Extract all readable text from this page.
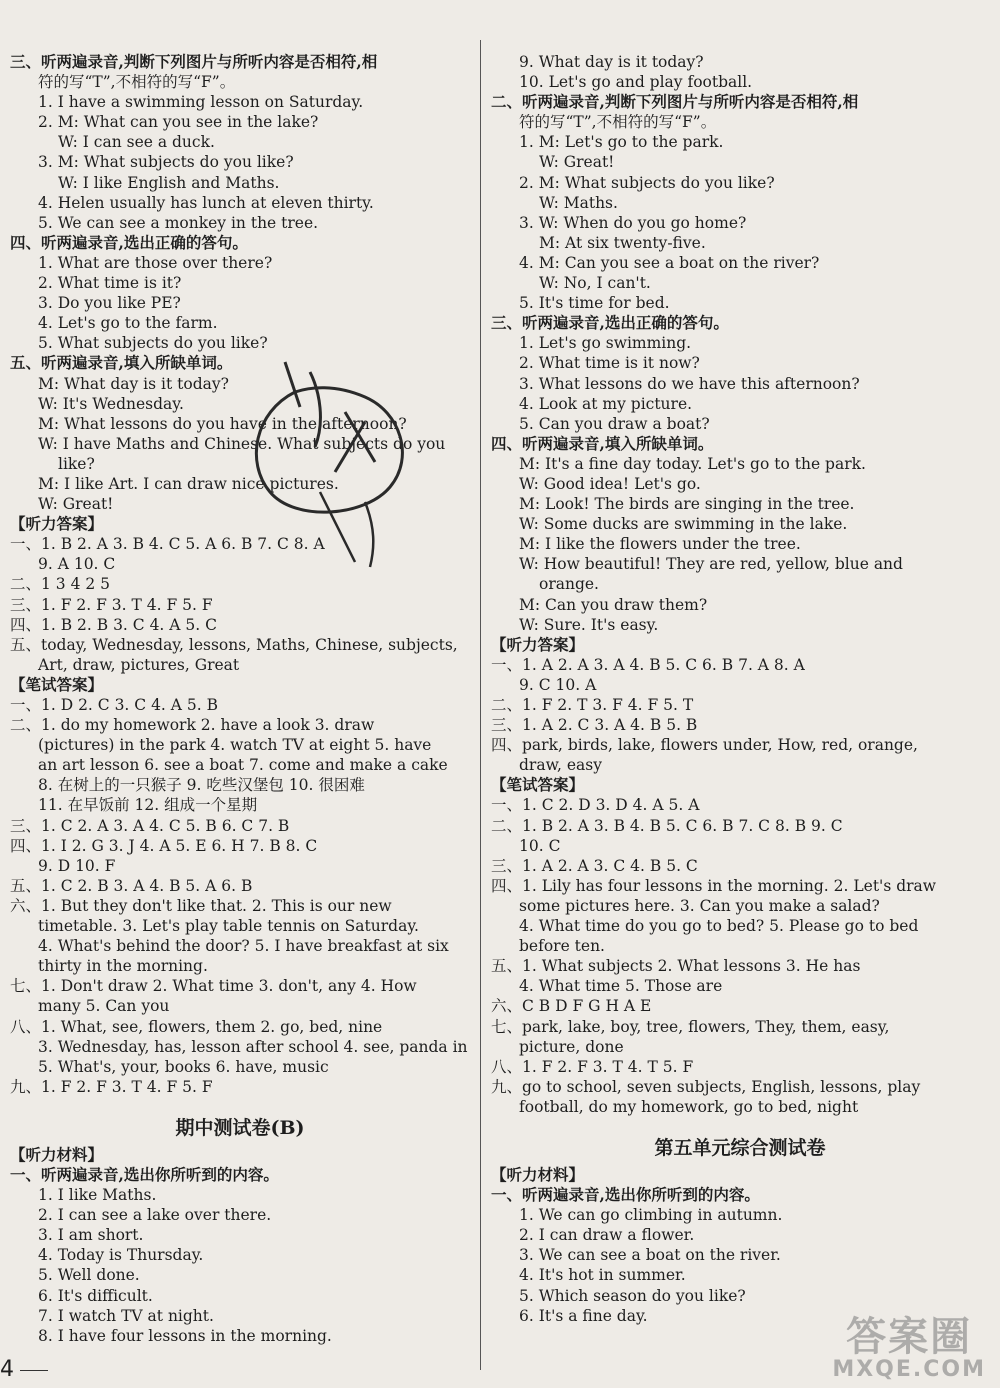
三、听两遍录音,判断下列图片与所听内容是否相符,相
符的写“T”,不相符的写“F”。
1. I have a swimming lesson on Saturday.
2. M: What can you see in the lake?
W: I can see a duck.
3. M: What subjects do you like?
W: I like English and Maths.
4. Helen usually has lunch at eleven thirty.
5. We can see a monkey in the tree.
四、听两遍录音,选出正确的答句。
1. What are those over there?
2. What time is it?
3. Do you like PE?
4. Let's go to the farm.
5. What subjects do you like?
五、听两遍录音,填入所缺单词。
M: What day is it today?
W: It's Wednesday.
M: What lessons do you have in the afternoon?
W: I have Maths and Chinese. What subjects do you
like?
M: I like Art. I can draw nice pictures.
W: Great!
【听力答案】
一、1. B 2. A 3. B 4. C 5. A 6. B 7. C 8. A
9. A 10. C
二、1 3 4 2 5
三、1. F 2. F 3. T 4. F 5. F
四、1. B 2. B 3. C 4. A 5. C
五、today, Wednesday, lessons, Maths, Chinese, subjects,
Art, draw, pictures, Great
【笔试答案】
一、1. D 2. C 3. C 4. A 5. B
二、1. do my homework 2. have a look 3. draw
(pictures) in the park 4. watch TV at eight 5. have
an art lesson 6. see a boat 7. come and make a cake
8. 在树上的一只猴子 9. 吃些汉堡包 10. 很困难
11. 在早饭前 12. 组成一个星期
三、1. C 2. A 3. A 4. C 5. B 6. C 7. B
四、1. I 2. G 3. J 4. A 5. E 6. H 7. B 8. C
9. D 10. F
五、1. C 2. B 3. A 4. B 5. A 6. B
六、1. But they don't like that. 2. This is our new
timetable. 3. Let's play table tennis on Saturday.
4. What's behind the door? 5. I have breakfast at six
thirty in the morning.
七、1. Don't draw 2. What time 3. don't, any 4. How
many 5. Can you
八、1. What, see, flowers, them 2. go, bed, nine
3. Wednesday, has, lesson after school 4. see, panda in
5. What's, your, books 6. have, music
九、1. F 2. F 3. T 4. F 5. F
期中测试卷(B)
【听力材料】
一、听两遍录音,选出你所听到的内容。
1. I like Maths.
2. I can see a lake over there.
3. I am short.
4. Today is Thursday.
5. Well done.
6. It's difficult.
7. I watch TV at night.
8. I have four lessons in the morning.
9. What day is it today?
10. Let's go and play football.
二、听两遍录音,判断下列图片与所听内容是否相符,相
符的写“T”,不相符的写“F”。
1. M: Let's go to the park.
W: Great!
2. M: What subjects do you like?
W: Maths.
3. W: When do you go home?
M: At six twenty-five.
4. M: Can you see a boat on the river?
W: No, I can't.
5. It's time for bed.
三、听两遍录音,选出正确的答句。
1. Let's go swimming.
2. What time is it now?
3. What lessons do we have this afternoon?
4. Look at my picture.
5. Can you draw a boat?
四、听两遍录音,填入所缺单词。
M: It's a fine day today. Let's go to the park.
W: Good idea! Let's go.
M: Look! The birds are singing in the tree.
W: Some ducks are swimming in the lake.
M: I like the flowers under the tree.
W: How beautiful! They are red, yellow, blue and
orange.
M: Can you draw them?
W: Sure. It's easy.
【听力答案】
一、1. A 2. A 3. A 4. B 5. C 6. B 7. A 8. A
9. C 10. A
二、1. F 2. T 3. F 4. F 5. T
三、1. A 2. C 3. A 4. B 5. B
四、park, birds, lake, flowers under, How, red, orange,
draw, easy
【笔试答案】
一、1. C 2. D 3. D 4. A 5. A
二、1. B 2. A 3. B 4. B 5. C 6. B 7. C 8. B 9. C
10. C
三、1. A 2. A 3. C 4. B 5. C
四、1. Lily has four lessons in the morning. 2. Let's draw
some pictures here. 3. Can you make a salad?
4. What time do you go to bed? 5. Please go to bed
before ten.
五、1. What subjects 2. What lessons 3. He has
4. What time 5. Those are
六、C B D F G H A E
七、park, lake, boy, tree, flowers, They, them, easy,
picture, done
八、1. F 2. F 3. T 4. T 5. F
九、go to school, seven subjects, English, lessons, play
football, do my homework, go to bed, night
第五单元综合测试卷
【听力材料】
一、听两遍录音,选出你所听到的内容。
1. We can go climbing in autumn.
2. I can draw a flower.
3. We can see a boat on the river.
4. It's hot in summer.
5. Which season do you like?
6. It's a fine day.
4
答案圈
MXQE.COM
